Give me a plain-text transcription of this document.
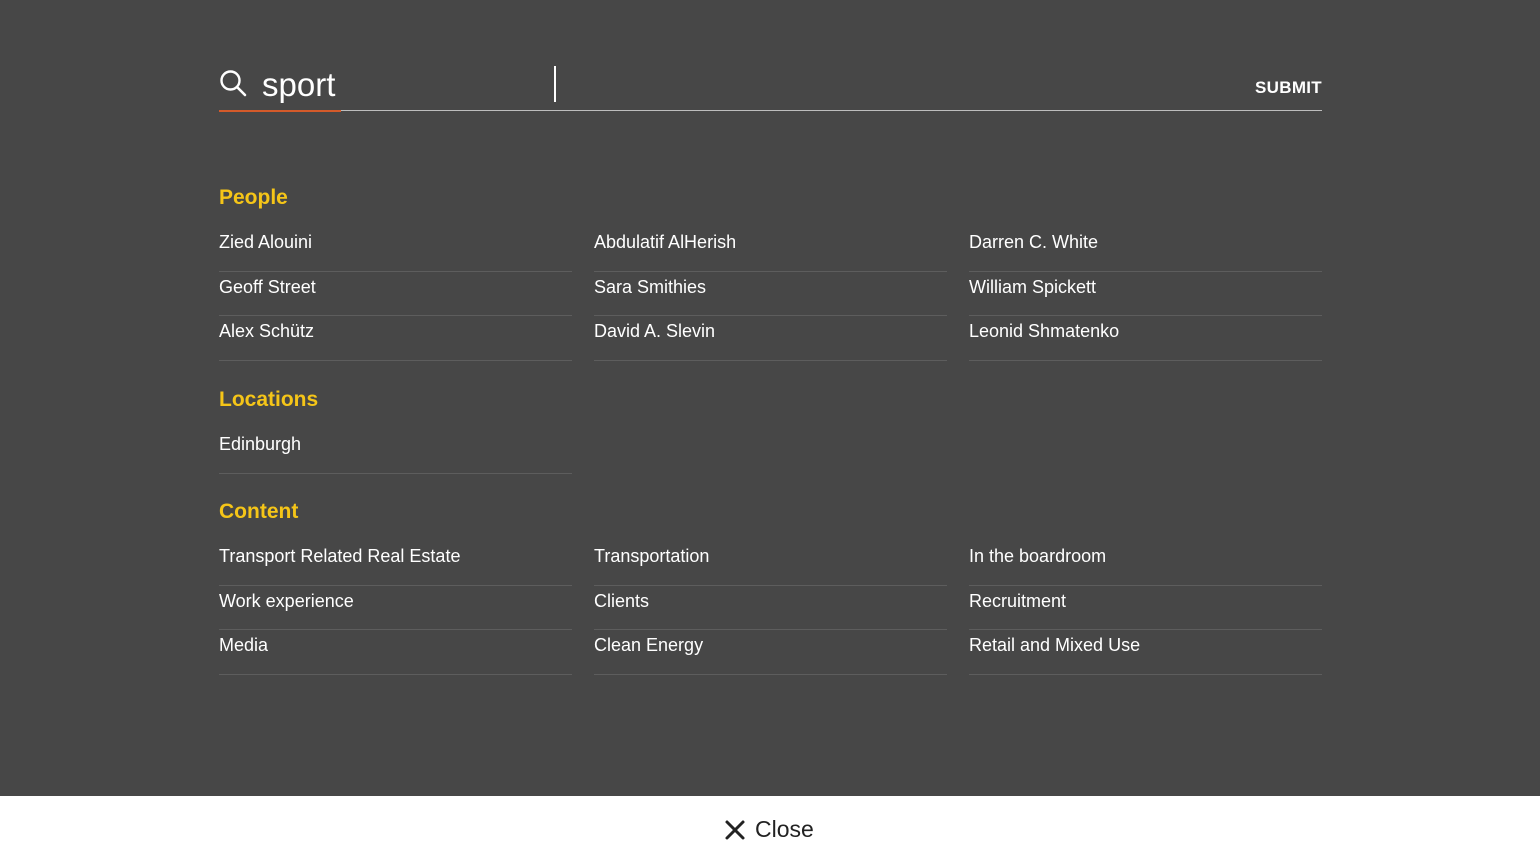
sport
SUBMIT
People
Zied Alouini	Abdulatif AlHerish	Darren C. White
Geoff Street	Sara Smithies	William Spickett
Alex Schütz	David A. Slevin	Leonid Shmatenko
Locations
Edinburgh
Content
Transport Related Real Estate	Transportation	In the boardroom
Work experience	Clients	Recruitment
Media	Clean Energy	Retail and Mixed Use
Close
